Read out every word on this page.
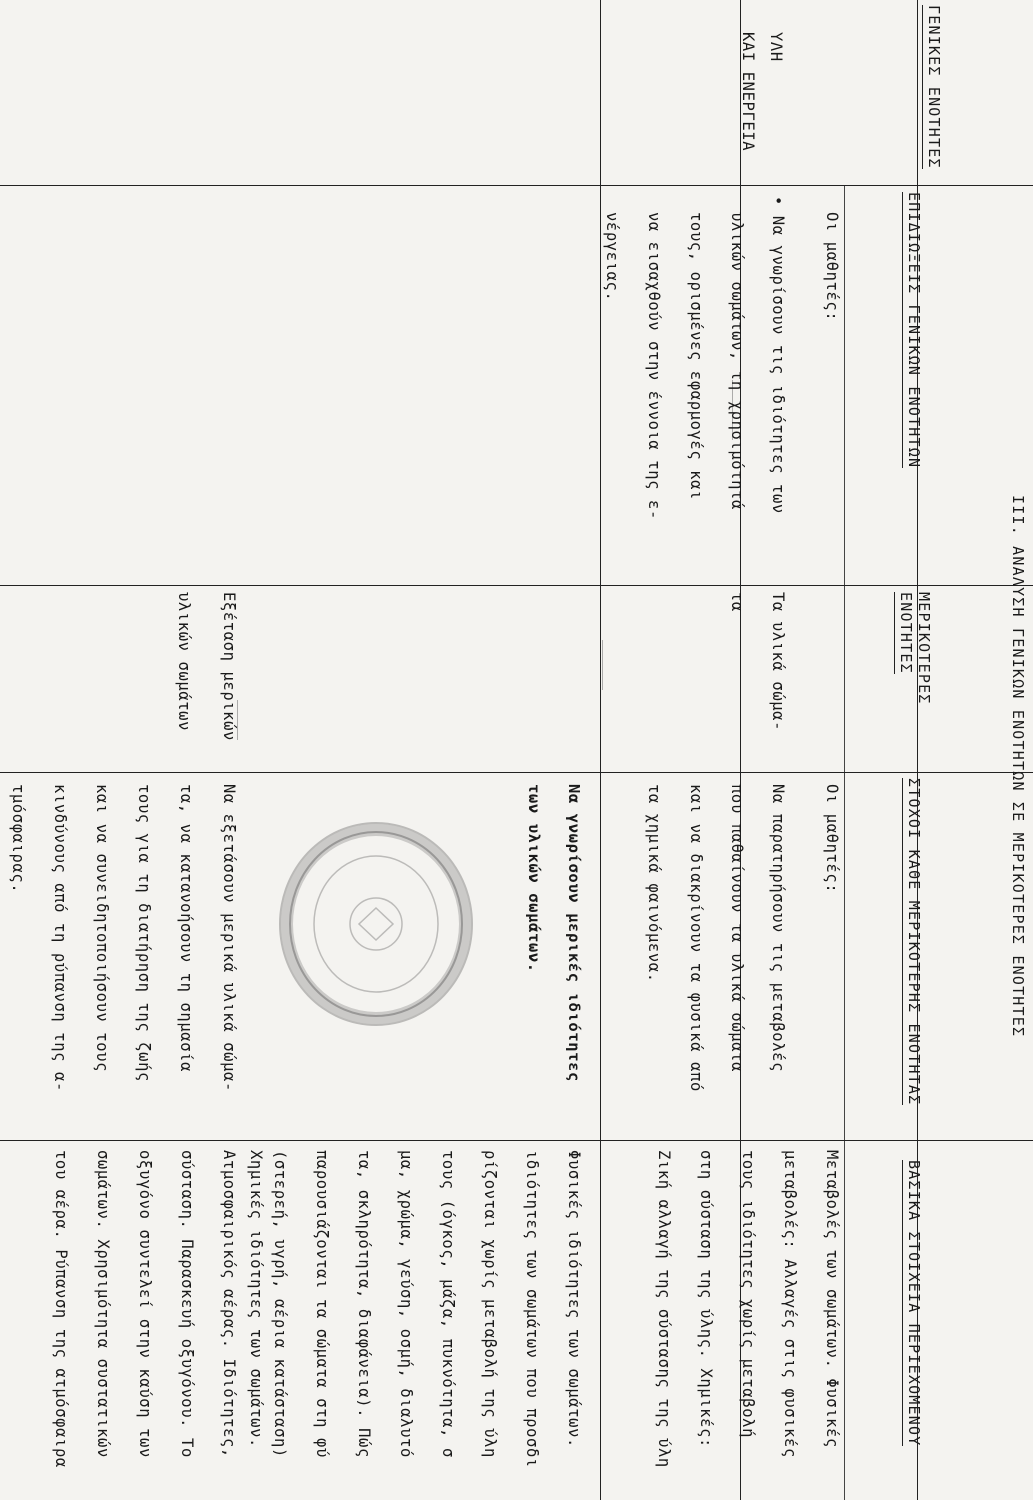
ΙΙΙ. ΑΝΑΛΥΣΗ ΓΕΝΙΚΩΝ ΕΝΟΤΗΤΩΝ ΣΕ ΜΕΡΙΚΟΤΕΡΕΣ ΕΝΟΤΗΤΕΣ
ΓΕΝΙΚΕΣ ΕΝΟΤΗΤΕΣ
ΕΠΙΔΙΩΞΕΙΣ ΓΕΝΙΚΩΝ ΕΝΟΤΗΤΩΝ
ΜΕΡΙΚΟΤΕΡΕΣ
ΕΝΟΤΗΤΕΣ
ΣΤΟΧΟΙ ΚΑΘΕ ΜΕΡΙΚΟΤΕΡΗΣ ΕΝΟΤΗΤΑΣ
ΒΑΣΙΚΑ ΣΤΟΙΧΕΙΑ ΠΕΡΙΕΧΟΜΕΝΟΥ
ΥΛΗ
ΚΑΙ ΕΝΕΡΓΕΙΑ
Οι μαθητές:
• Να γνωρίσουν τις ιδιότητες των
υλικών σωμάτων, τη χρησιμότητά
τους, ορισμένες εφαρμογές και
να εισαχθούν στην έννοια της ε-
νέργειας.
Τα υλικά σώμα-
τα
Εξέταση μερικών
υλικών σωμάτων
Οι μαθητές:
Να παρατηρήσουν τις μεταβολές
που παθαίνουν τα υλικά σώματα
και να διακρίνουν τα φυσικά από
τα χημικά φαινόμενα.
Να γνωρίσουν μερικές ιδιότητες
των υλικών σωμάτων.
Να εξετάσουν μερικά υλικά σώμα-
τα, να κατανοήσουν τη σημασία
τους για τη διατήρηση της ζωής
και να συνειδητοποιήσουν τους
κινδύνους από τη ρύπανση της α-
τμόσφαιρας.
Μεταβολές των σωμάτων. Φυσικές
μεταβολές: Αλλαγές στις φυσικές
τους ιδιότητες χωρίς μεταβολή
στη σύσταση της ύλης. Χημικές:
Ζική αλλαγή της σύστασης της ύλη
Φυσικές ιδιότητες των σωμάτων.
ιδιότητες των σωμάτων που προσδι
ρίζονται χωρίς μεταβολή της ύλη
τους (όγκος, μάζα, πυκνότητα, σ
μα, χρώμα, γεύση, οσμή, διαλυτό
τα, σκληρότητα, διαφάνεια). Πώς
παρουσιάζονται τα σώματα στη φύ
(στερεή, υγρή, αέρια κατάσταση)
Χημικές ιδιότητες των σωμάτων.
Ατμοσφαιρικός αέρας. Ιδιότητες,
σύσταση. Παρασκευή οξυγόνου. Το
οξυγόνο συντελεί στην καύση των
σωμάτων. Χρησιμότητα συστατικών
του αέρα. Ρύπανση της ατμόσφαιρα
